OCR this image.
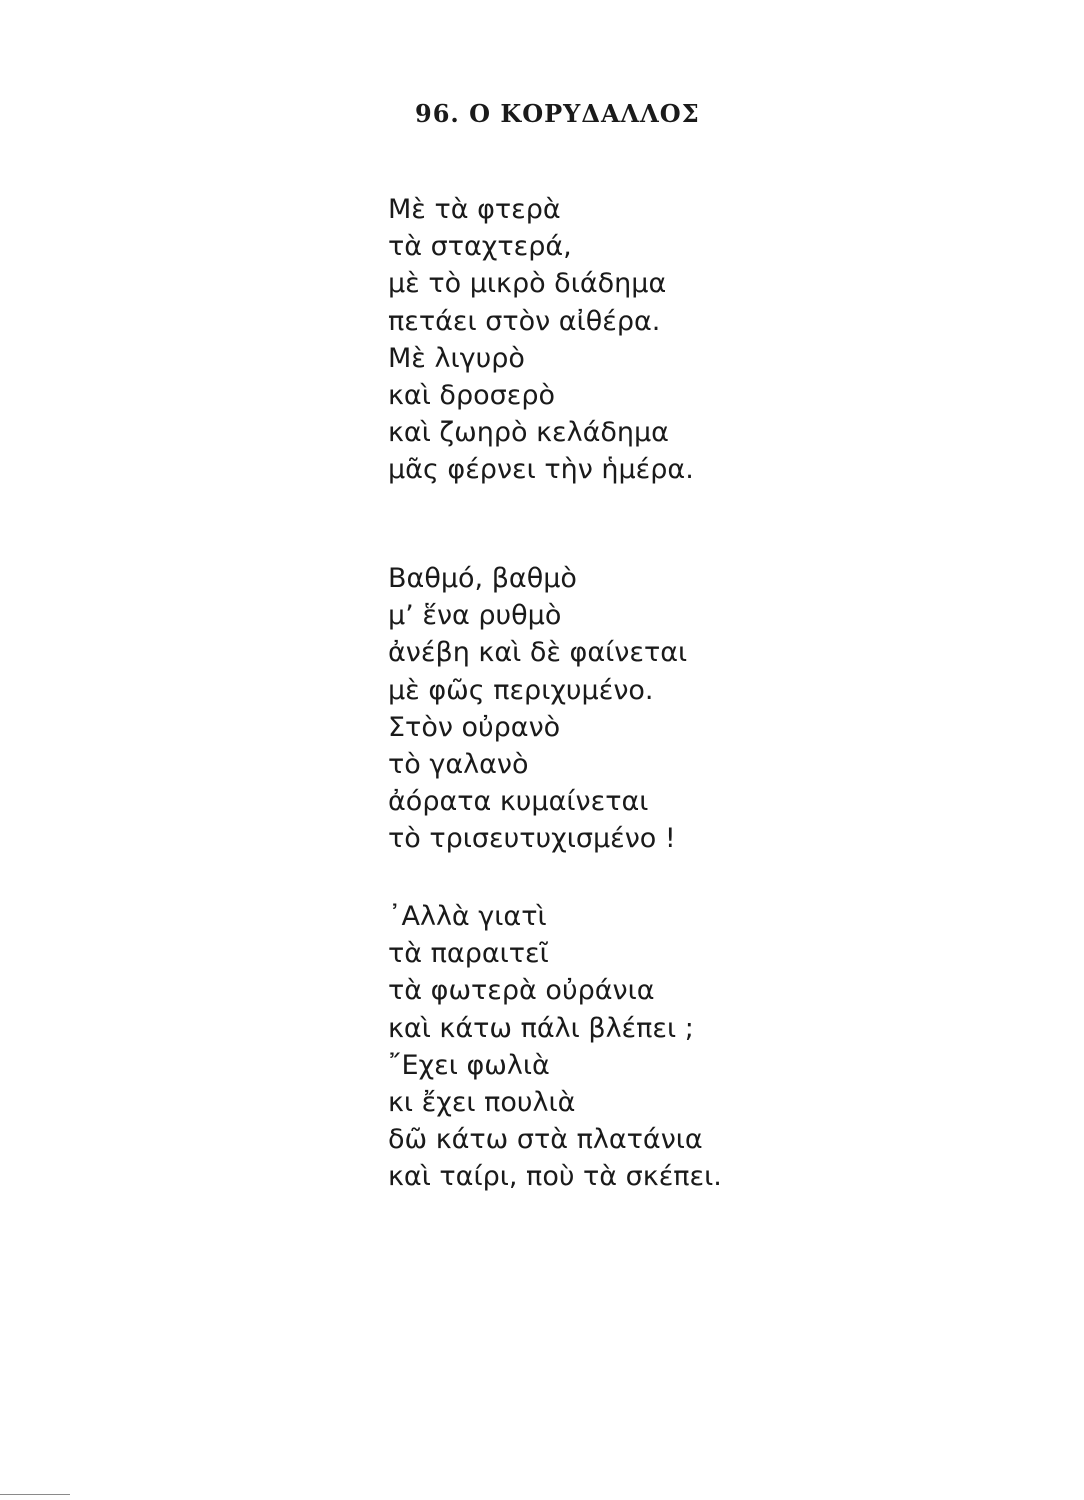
96. Ο ΚΟΡΥΔΑΛΛΟΣ
Μὲ τὰ φτερὰ
τὰ σταχτερά,
μὲ τὸ μικρὸ διάδημα
πετάει στὸν αἰθέρα.
Μὲ λιγυρὸ
καὶ δροσερὸ
καὶ ζωηρὸ κελάδημα
μᾶς φέρνει τὴν ἡμέρα.
Βαθμό, βαθμὸ
μ’ ἕνα ρυθμὸ
ἀνέβη καὶ δὲ φαίνεται
μὲ φῶς περιχυμένο.
Στὸν οὐρανὸ
τὸ γαλανὸ
ἀόρατα κυμαίνεται
τὸ τρισευτυχισμένο !
᾿Αλλὰ γιατὶ
τὰ παραιτεῖ
τὰ φωτερὰ οὐράνια
καὶ κάτω πάλι βλέπει ;
῎Εχει φωλιὰ
κι ἔχει πουλιὰ
δῶ κάτω στὰ πλατάνια
καὶ ταίρι, ποὺ τὰ σκέπει.
